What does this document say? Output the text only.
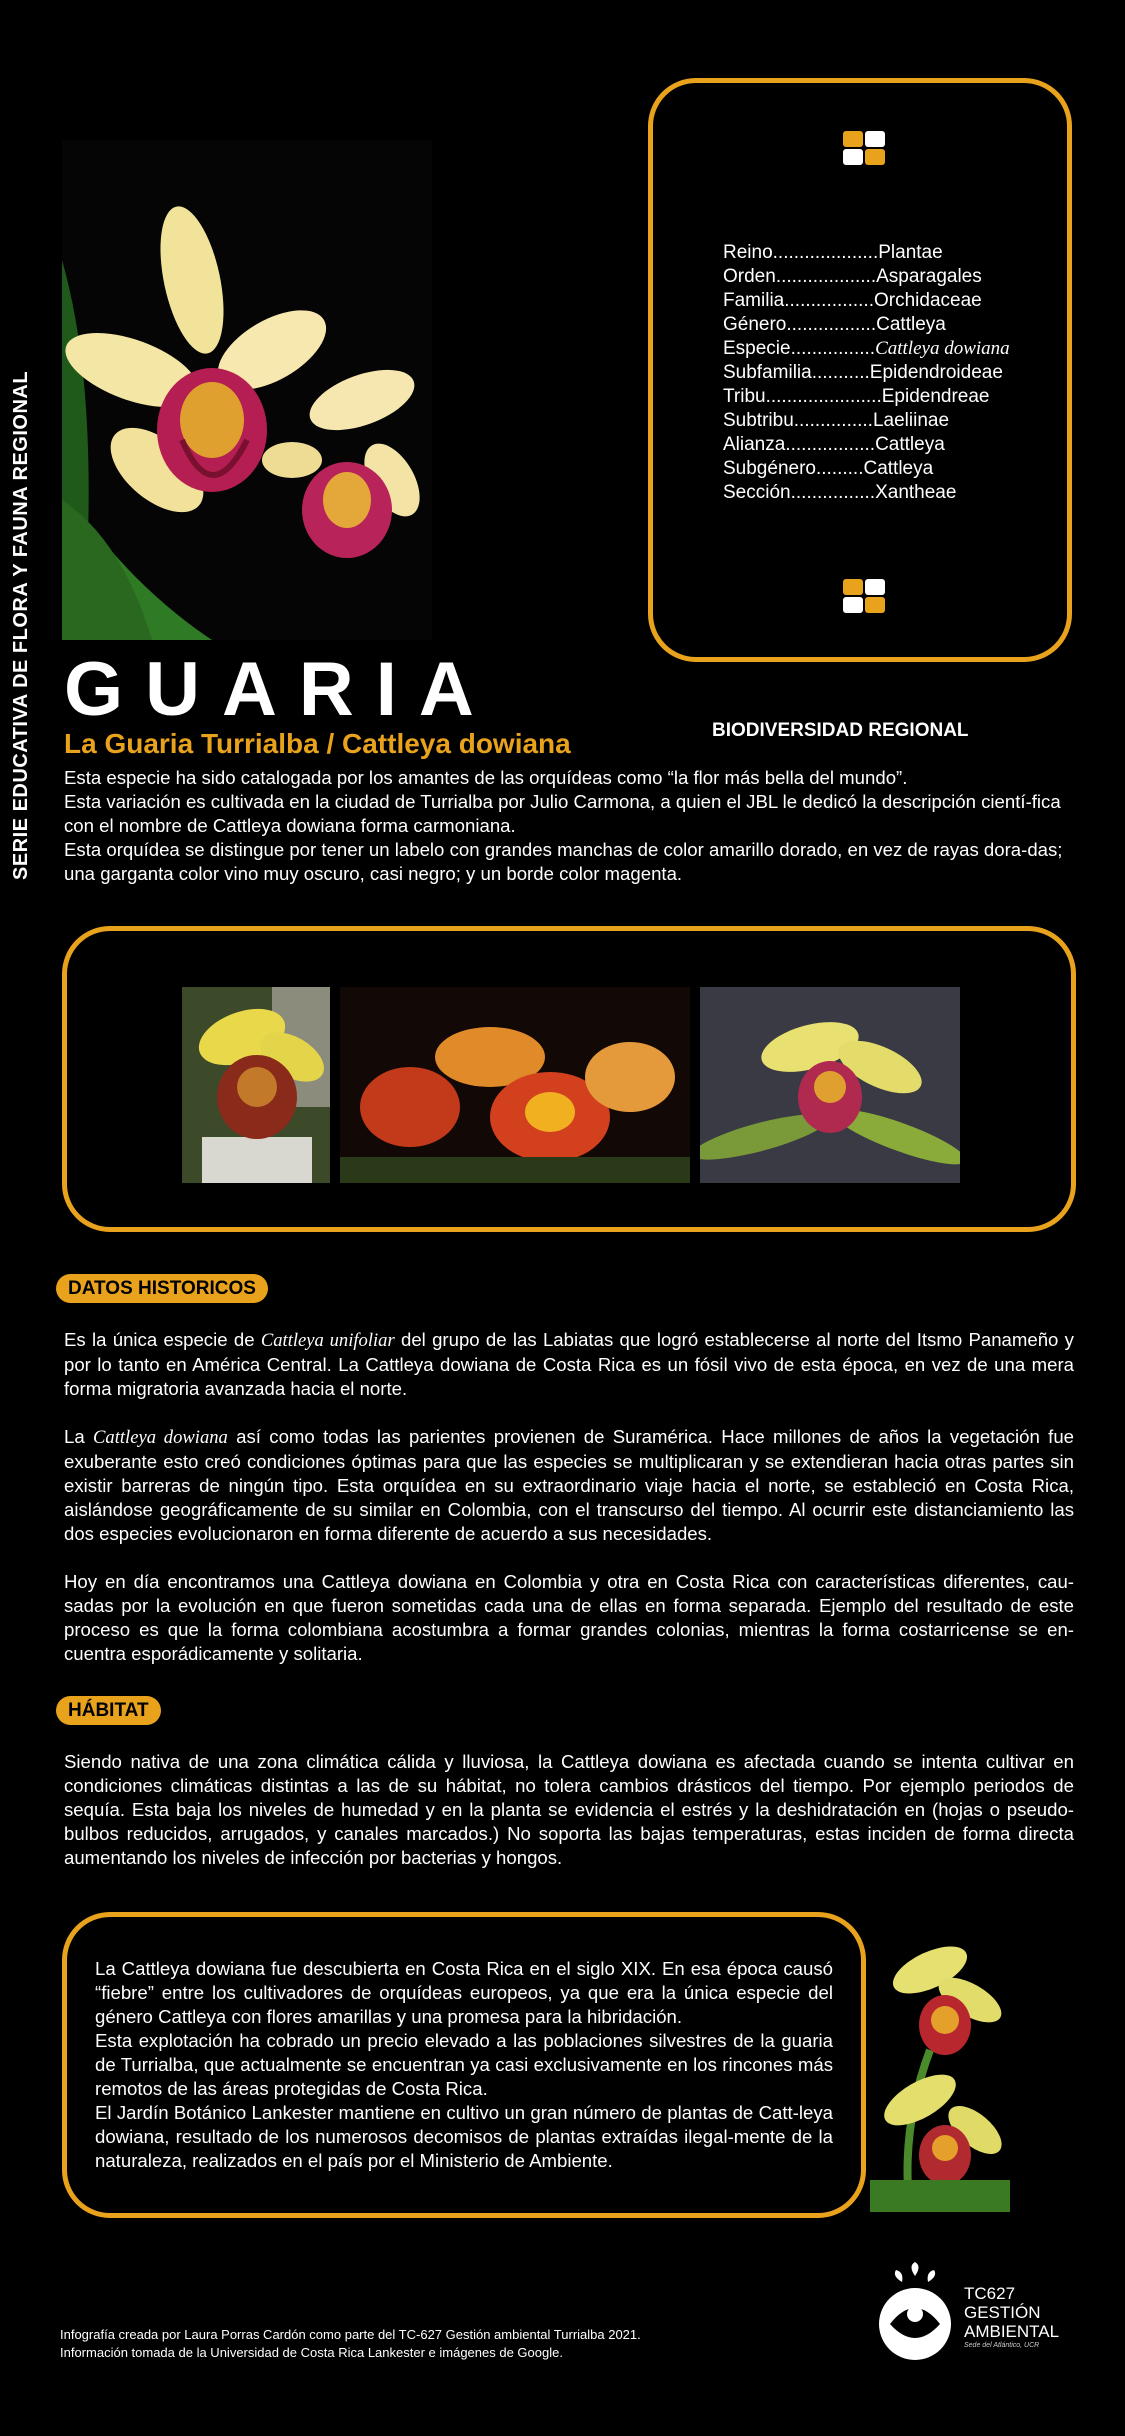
SERIE EDUCATIVA DE FLORA Y FAUNA REGIONAL
Reino....................Plantae
Orden...................Asparagales
Familia.................Orchidaceae
Género.................Cattleya
Especie................Cattleya dowiana
Subfamilia...........Epidendroideae
Tribu......................Epidendreae
Subtribu...............Laeliinae
Alianza.................Cattleya
Subgénero.........Cattleya
Sección................Xantheae
GUARIA
La Guaria Turrialba / Cattleya dowiana	BIODIVERSIDAD REGIONAL
Esta especie ha sido catalogada por los amantes de las orquídeas como “la flor más bella del mundo”.
Esta variación es cultivada en la ciudad de Turrialba por Julio Carmona, a quien el JBL le dedicó la descripción cientí-fica con el nombre de Cattleya dowiana forma carmoniana.
Esta orquídea se distingue por tener un labelo con grandes manchas de color amarillo dorado, en vez de rayas dora-das; una garganta color vino muy oscuro, casi negro; y un borde color magenta.
DATOS HISTORICOS

Es la única especie de Cattleya unifoliar del grupo de las Labiatas que logró establecerse al norte del Itsmo Panameño y por lo tanto en América Central. La Cattleya dowiana de Costa Rica es un fósil vivo de esta época, en vez de una mera forma migratoria avanzada hacia el norte.

La Cattleya dowiana así como todas las parientes provienen de Suramérica. Hace millones de años la vegetación fue exuberante esto creó condiciones óptimas para que las especies se multiplicaran y se extendieran hacia otras partes sin existir barreras de ningún tipo. Esta orquídea en su extraordinario viaje hacia el norte, se estableció en Costa Rica, aislándose geográficamente de su similar en Colombia, con el transcurso del tiempo. Al ocurrir este distanciamiento las dos especies evolucionaron en forma diferente de acuerdo a sus necesidades.

Hoy en día encontramos una Cattleya dowiana en Colombia y otra en Costa Rica con características diferentes, cau-sadas por la evolución en que fueron sometidas cada una de ellas en forma separada. Ejemplo del resultado de este proceso es que la forma colombiana acostumbra a formar grandes colonias, mientras la forma costarricense se en-cuentra esporádicamente y solitaria.

HÁBITAT

Siendo nativa de una zona climática cálida y lluviosa, la Cattleya dowiana es afectada cuando se intenta cultivar en condiciones climáticas distintas a las de su hábitat, no tolera cambios drásticos del tiempo. Por ejemplo periodos de sequía. Esta baja los niveles de humedad y en la planta se evidencia el estrés y la deshidratación en (hojas o pseudo-bulbos reducidos, arrugados, y canales marcados.) No soporta las bajas temperaturas, estas inciden de forma directa aumentando los niveles de infección por bacterias y hongos.

La Cattleya dowiana fue descubierta en Costa Rica en el siglo XIX. En esa época causó “fiebre” entre los cultivadores de orquídeas europeos, ya que era la única especie del género Cattleya con flores amarillas y una promesa para la hibridación.
Esta explotación ha cobrado un precio elevado a las poblaciones silvestres de la guaria de Turrialba, que actualmente se encuentran ya casi exclusivamente en los rincones más remotos de las áreas protegidas de Costa Rica.
El Jardín Botánico Lankester mantiene en cultivo un gran número de plantas de Catt-leya dowiana, resultado de los numerosos decomisos de plantas extraídas ilegal-mente de la naturaleza, realizados en el país por el Ministerio de Ambiente.
TC627
GESTIÓN
AMBIENTAL
Sede del Atlántico, UCR
Infografía creada por Laura Porras Cardón como parte del TC-627 Gestión ambiental Turrialba 2021.
Información tomada de la Universidad de Costa Rica Lankester e imágenes de Google.
